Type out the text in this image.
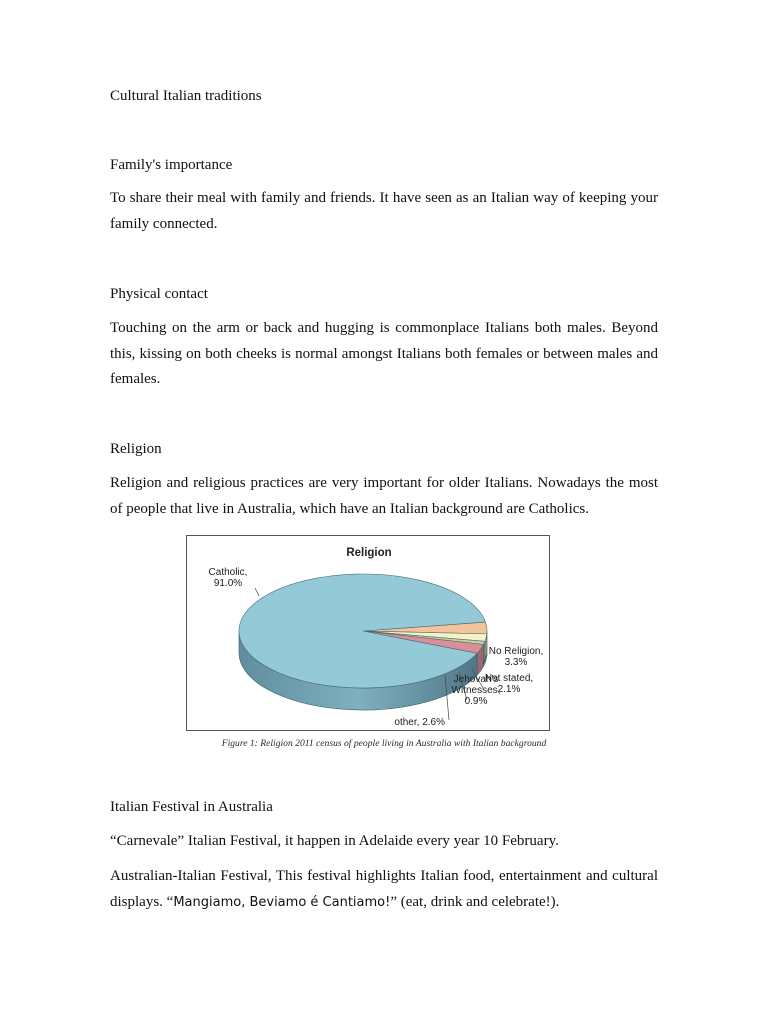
Cultural Italian traditions

Family's importance

To share their meal with family and friends. It have seen as an Italian way of keeping your family connected.

Physical contact

Touching on the arm or back and hugging is commonplace Italians both males. Beyond this, kissing on both cheeks is normal amongst Italians both females or between males and females.

Religion

Religion and religious practices are very important for older Italians. Nowadays the most of people that live in Australia, which have an Italian background are Catholics.

Religion
No Religion, 3.3%
Not stated, 2.1%
Jehovah's Witnesses, 0.9%
other, 2.6%
Catholic, 91.0%

Figure 1: Religion 2011 census of people living in Australia with Italian background

Italian Festival in Australia

“Carnevale” Italian Festival, it happen in Adelaide every year 10 February.

Australian-Italian Festival, This festival highlights Italian food, entertainment and cultural displays. “Mangiamo, Beviamo é Cantiamo!” (eat, drink and celebrate!).
